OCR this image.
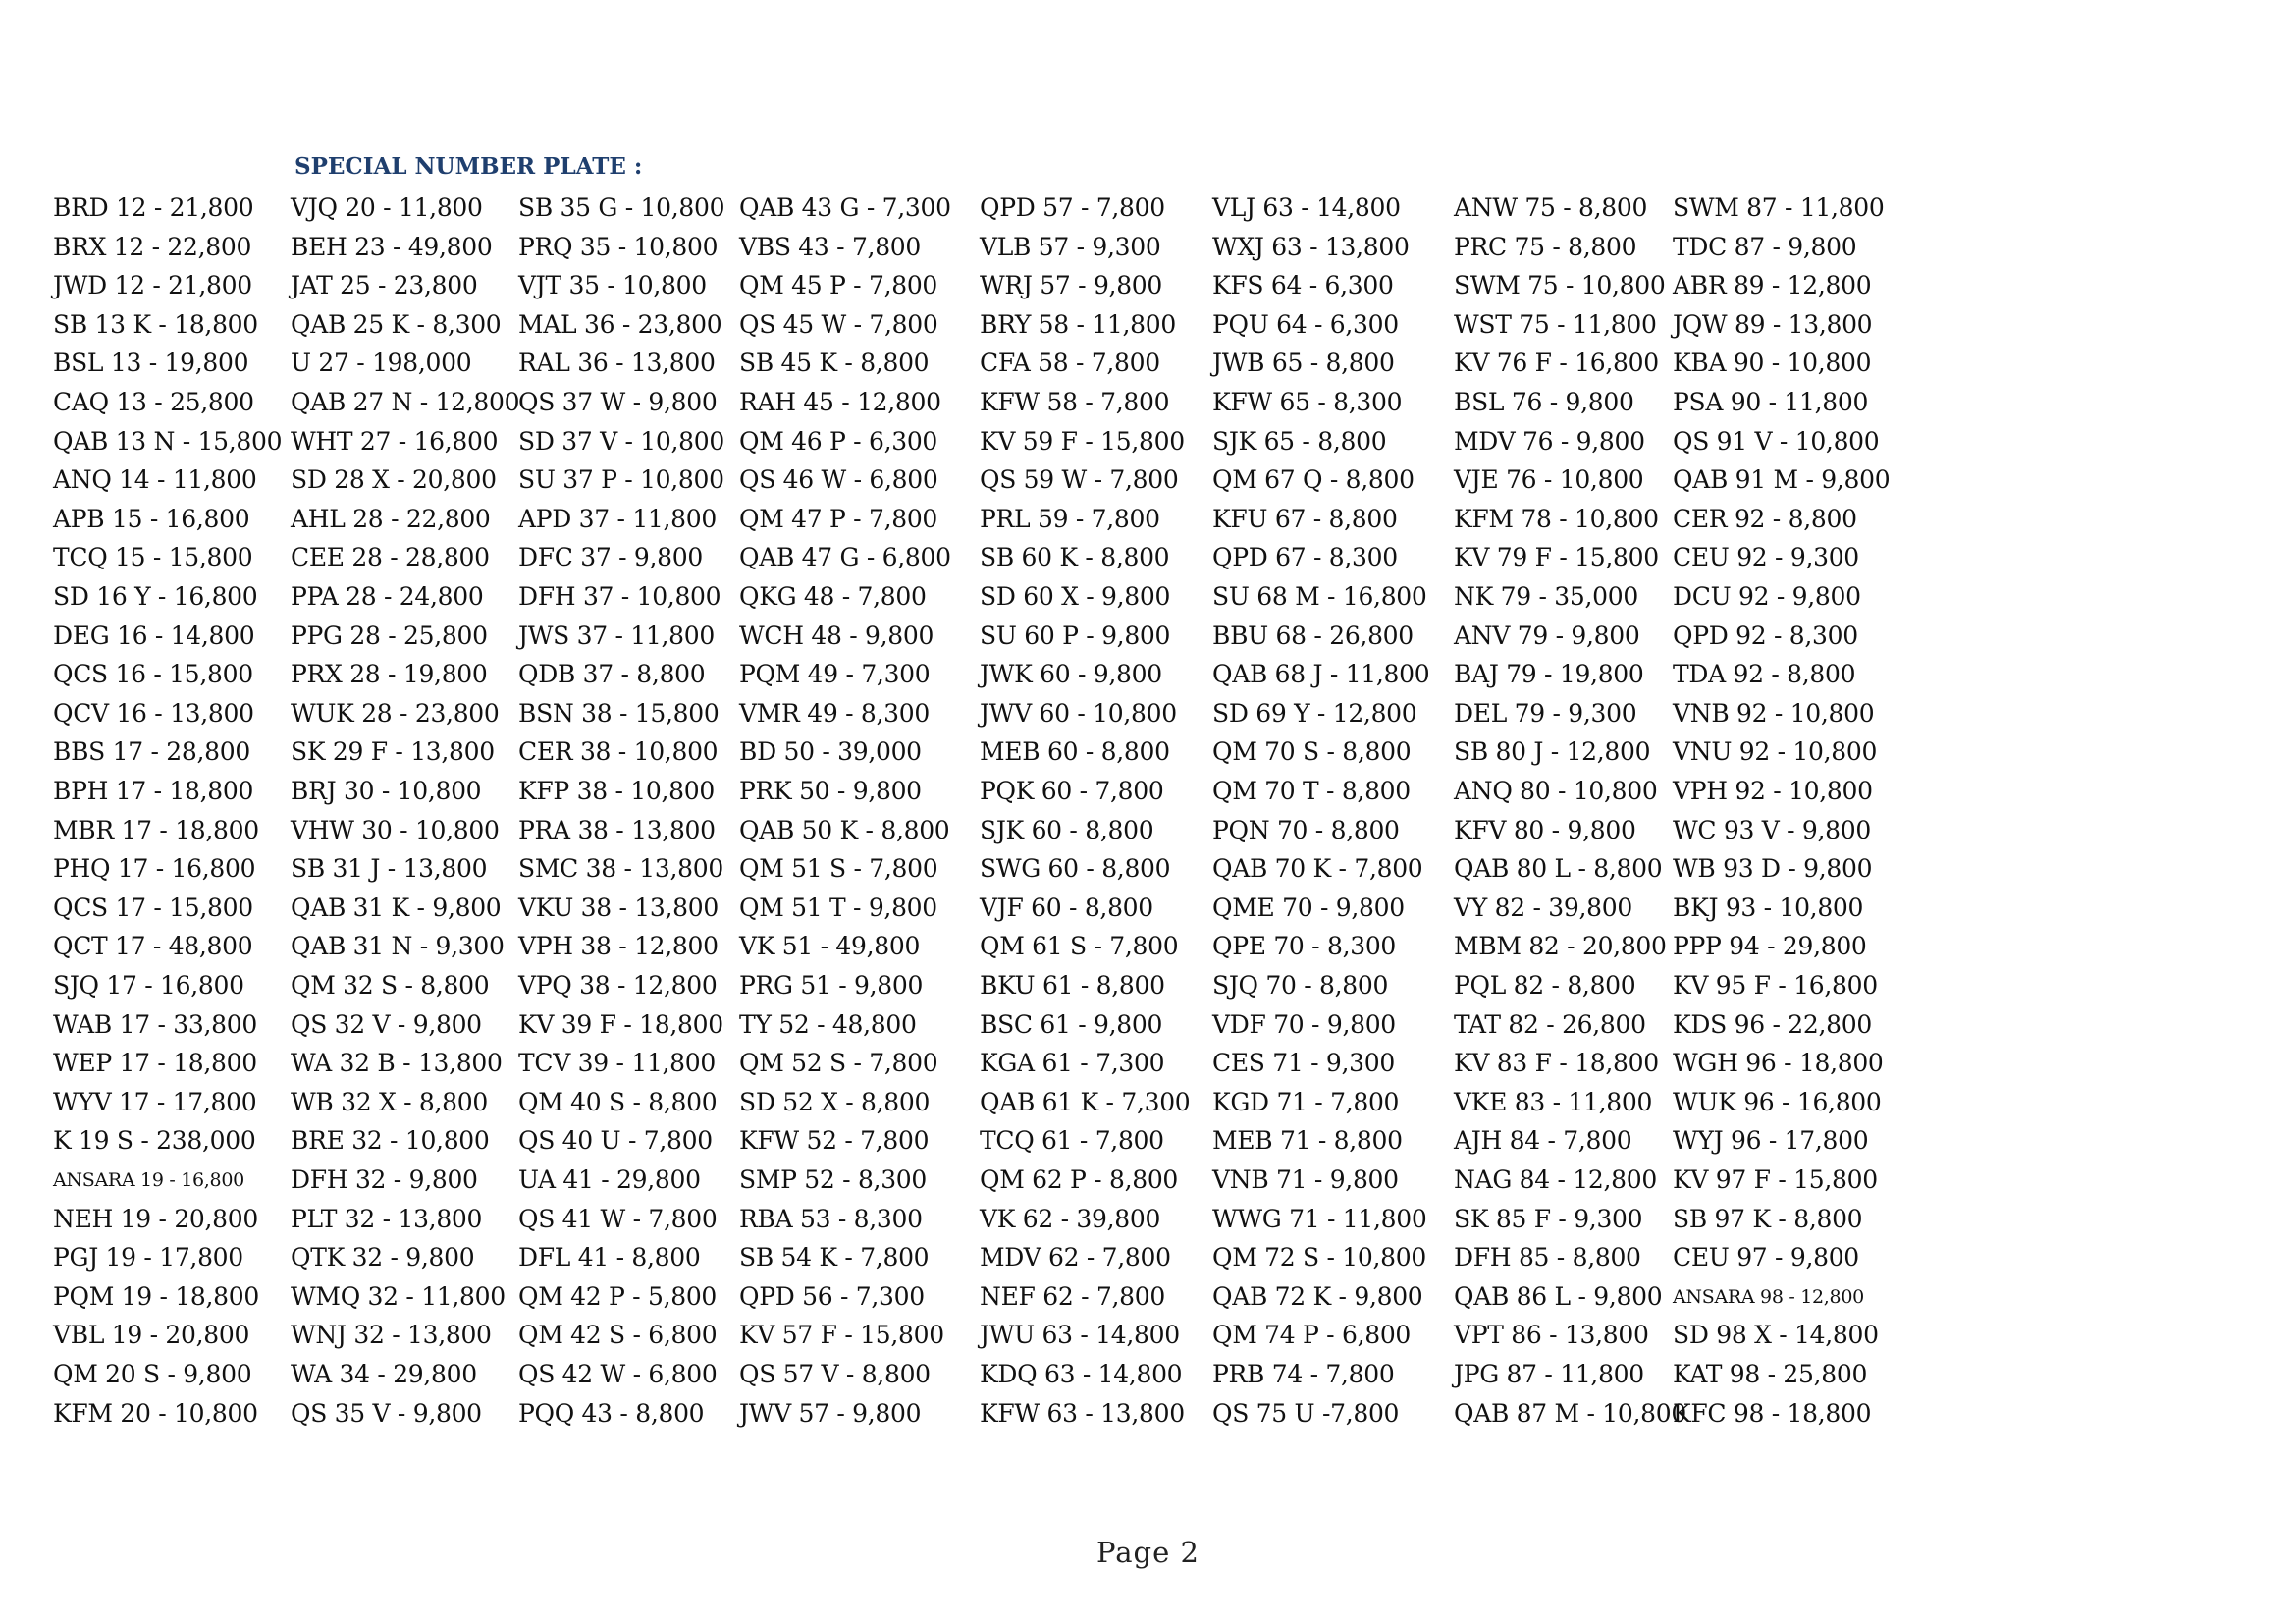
SPECIAL NUMBER PLATE :
BRD 12 - 21,800
BRX 12 - 22,800
JWD 12 - 21,800
SB 13 K - 18,800
BSL 13 - 19,800
CAQ 13 - 25,800
QAB 13 N - 15,800
ANQ 14 - 11,800
APB 15 - 16,800
TCQ 15 - 15,800
SD 16 Y - 16,800
DEG 16 - 14,800
QCS 16 - 15,800
QCV 16 - 13,800
BBS 17 - 28,800
BPH 17 - 18,800
MBR 17 - 18,800
PHQ 17 - 16,800
QCS 17 - 15,800
QCT 17 - 48,800
SJQ 17 - 16,800
WAB 17 - 33,800
WEP 17 - 18,800
WYV 17 - 17,800
K 19 S - 238,000
ANSARA 19 - 16,800
NEH 19 - 20,800
PGJ 19 - 17,800
PQM 19 - 18,800
VBL 19 - 20,800
QM 20 S - 9,800
KFM 20 - 10,800
VJQ 20 - 11,800
BEH 23 - 49,800
JAT 25 - 23,800
QAB 25 K - 8,300
U 27 - 198,000
QAB 27 N - 12,800
WHT 27 - 16,800
SD 28 X - 20,800
AHL 28 - 22,800
CEE 28 - 28,800
PPA 28 - 24,800
PPG 28 - 25,800
PRX 28 - 19,800
WUK 28 - 23,800
SK 29 F - 13,800
BRJ 30 - 10,800
VHW 30 - 10,800
SB 31 J - 13,800
QAB 31 K - 9,800
QAB 31 N - 9,300
QM 32 S - 8,800
QS 32 V - 9,800
WA 32 B - 13,800
WB 32 X - 8,800
BRE 32 - 10,800
DFH 32 - 9,800
PLT 32 - 13,800
QTK 32 - 9,800
WMQ 32 - 11,800
WNJ 32 - 13,800
WA 34 - 29,800
QS 35 V - 9,800
SB 35 G - 10,800
PRQ 35 - 10,800
VJT 35 - 10,800
MAL 36 - 23,800
RAL 36 - 13,800
QS 37 W - 9,800
SD 37 V - 10,800
SU 37 P - 10,800
APD 37 - 11,800
DFC 37 - 9,800
DFH 37 - 10,800
JWS 37 - 11,800
QDB 37 - 8,800
BSN 38 - 15,800
CER 38 - 10,800
KFP 38 - 10,800
PRA 38 - 13,800
SMC 38 - 13,800
VKU 38 - 13,800
VPH 38 - 12,800
VPQ 38 - 12,800
KV 39 F - 18,800
TCV 39 - 11,800
QM 40 S - 8,800
QS 40 U - 7,800
UA 41 - 29,800
QS 41 W - 7,800
DFL 41 - 8,800
QM 42 P - 5,800
QM 42 S - 6,800
QS 42 W - 6,800
PQQ 43 - 8,800
QAB 43 G - 7,300
VBS 43 - 7,800
QM 45 P - 7,800
QS 45 W - 7,800
SB 45 K - 8,800
RAH 45 - 12,800
QM 46 P - 6,300
QS 46 W - 6,800
QM 47 P - 7,800
QAB 47 G - 6,800
QKG 48 - 7,800
WCH 48 - 9,800
PQM 49 - 7,300
VMR 49 - 8,300
BD 50 - 39,000
PRK 50 - 9,800
QAB 50 K - 8,800
QM 51 S - 7,800
QM 51 T - 9,800
VK 51 - 49,800
PRG 51 - 9,800
TY 52 - 48,800
QM 52 S - 7,800
SD 52 X - 8,800
KFW 52 - 7,800
SMP 52 - 8,300
RBA 53 - 8,300
SB 54 K - 7,800
QPD 56 - 7,300
KV 57 F - 15,800
QS 57 V - 8,800
JWV 57 - 9,800
QPD 57 - 7,800
VLB 57 - 9,300
WRJ 57 - 9,800
BRY 58 - 11,800
CFA 58 - 7,800
KFW 58 - 7,800
KV 59 F - 15,800
QS 59 W - 7,800
PRL 59 - 7,800
SB 60 K - 8,800
SD 60 X - 9,800
SU 60 P - 9,800
JWK 60 - 9,800
JWV 60 - 10,800
MEB 60 - 8,800
PQK 60 - 7,800
SJK 60 - 8,800
SWG 60 - 8,800
VJF 60 - 8,800
QM 61 S - 7,800
BKU 61 - 8,800
BSC 61 - 9,800
KGA 61 - 7,300
QAB 61 K - 7,300
TCQ 61 - 7,800
QM 62 P - 8,800
VK 62 - 39,800
MDV 62 - 7,800
NEF 62 - 7,800
JWU 63 - 14,800
KDQ 63 - 14,800
KFW 63 - 13,800
VLJ 63 - 14,800
WXJ 63 - 13,800
KFS 64 - 6,300
PQU 64 - 6,300
JWB 65 - 8,800
KFW 65 - 8,300
SJK 65 - 8,800
QM 67 Q - 8,800
KFU 67 - 8,800
QPD 67 - 8,300
SU 68 M - 16,800
BBU 68 - 26,800
QAB 68 J - 11,800
SD 69 Y - 12,800
QM 70 S - 8,800
QM 70 T - 8,800
PQN 70 - 8,800
QAB 70 K - 7,800
QME 70 - 9,800
QPE 70 - 8,300
SJQ 70 - 8,800
VDF 70 - 9,800
CES 71 - 9,300
KGD 71 - 7,800
MEB 71 - 8,800
VNB 71 - 9,800
WWG 71 - 11,800
QM 72 S - 10,800
QAB 72 K - 9,800
QM 74 P - 6,800
PRB 74 - 7,800
QS 75 U -7,800
ANW 75 - 8,800
PRC 75 - 8,800
SWM 75 - 10,800
WST 75 - 11,800
KV 76 F - 16,800
BSL 76 - 9,800
MDV 76 - 9,800
VJE 76 - 10,800
KFM 78 - 10,800
KV 79 F - 15,800
NK 79 - 35,000
ANV 79 - 9,800
BAJ 79 - 19,800
DEL 79 - 9,300
SB 80 J - 12,800
ANQ 80 - 10,800
KFV 80 - 9,800
QAB 80 L - 8,800
VY 82 - 39,800
MBM 82 - 20,800
PQL 82 - 8,800
TAT 82 - 26,800
KV 83 F - 18,800
VKE 83 - 11,800
AJH 84 - 7,800
NAG 84 - 12,800
SK 85 F - 9,300
DFH 85 - 8,800
QAB 86 L - 9,800
VPT 86 - 13,800
JPG 87 - 11,800
QAB 87 M - 10,800
SWM 87 - 11,800
TDC 87 - 9,800
ABR 89 - 12,800
JQW 89 - 13,800
KBA 90 - 10,800
PSA 90 - 11,800
QS 91 V - 10,800
QAB 91 M - 9,800
CER 92 - 8,800
CEU 92 - 9,300
DCU 92 - 9,800
QPD 92 - 8,300
TDA 92 - 8,800
VNB 92 - 10,800
VNU 92 - 10,800
VPH 92 - 10,800
WC 93 V - 9,800
WB 93 D - 9,800
BKJ 93 - 10,800
PPP 94 - 29,800
KV 95 F - 16,800
KDS 96 - 22,800
WGH 96 - 18,800
WUK 96 - 16,800
WYJ 96 - 17,800
KV 97 F - 15,800
SB 97 K - 8,800
CEU 97 - 9,800
ANSARA 98 - 12,800
SD 98 X - 14,800
KAT 98 - 25,800
KFC 98 - 18,800
Page 2
